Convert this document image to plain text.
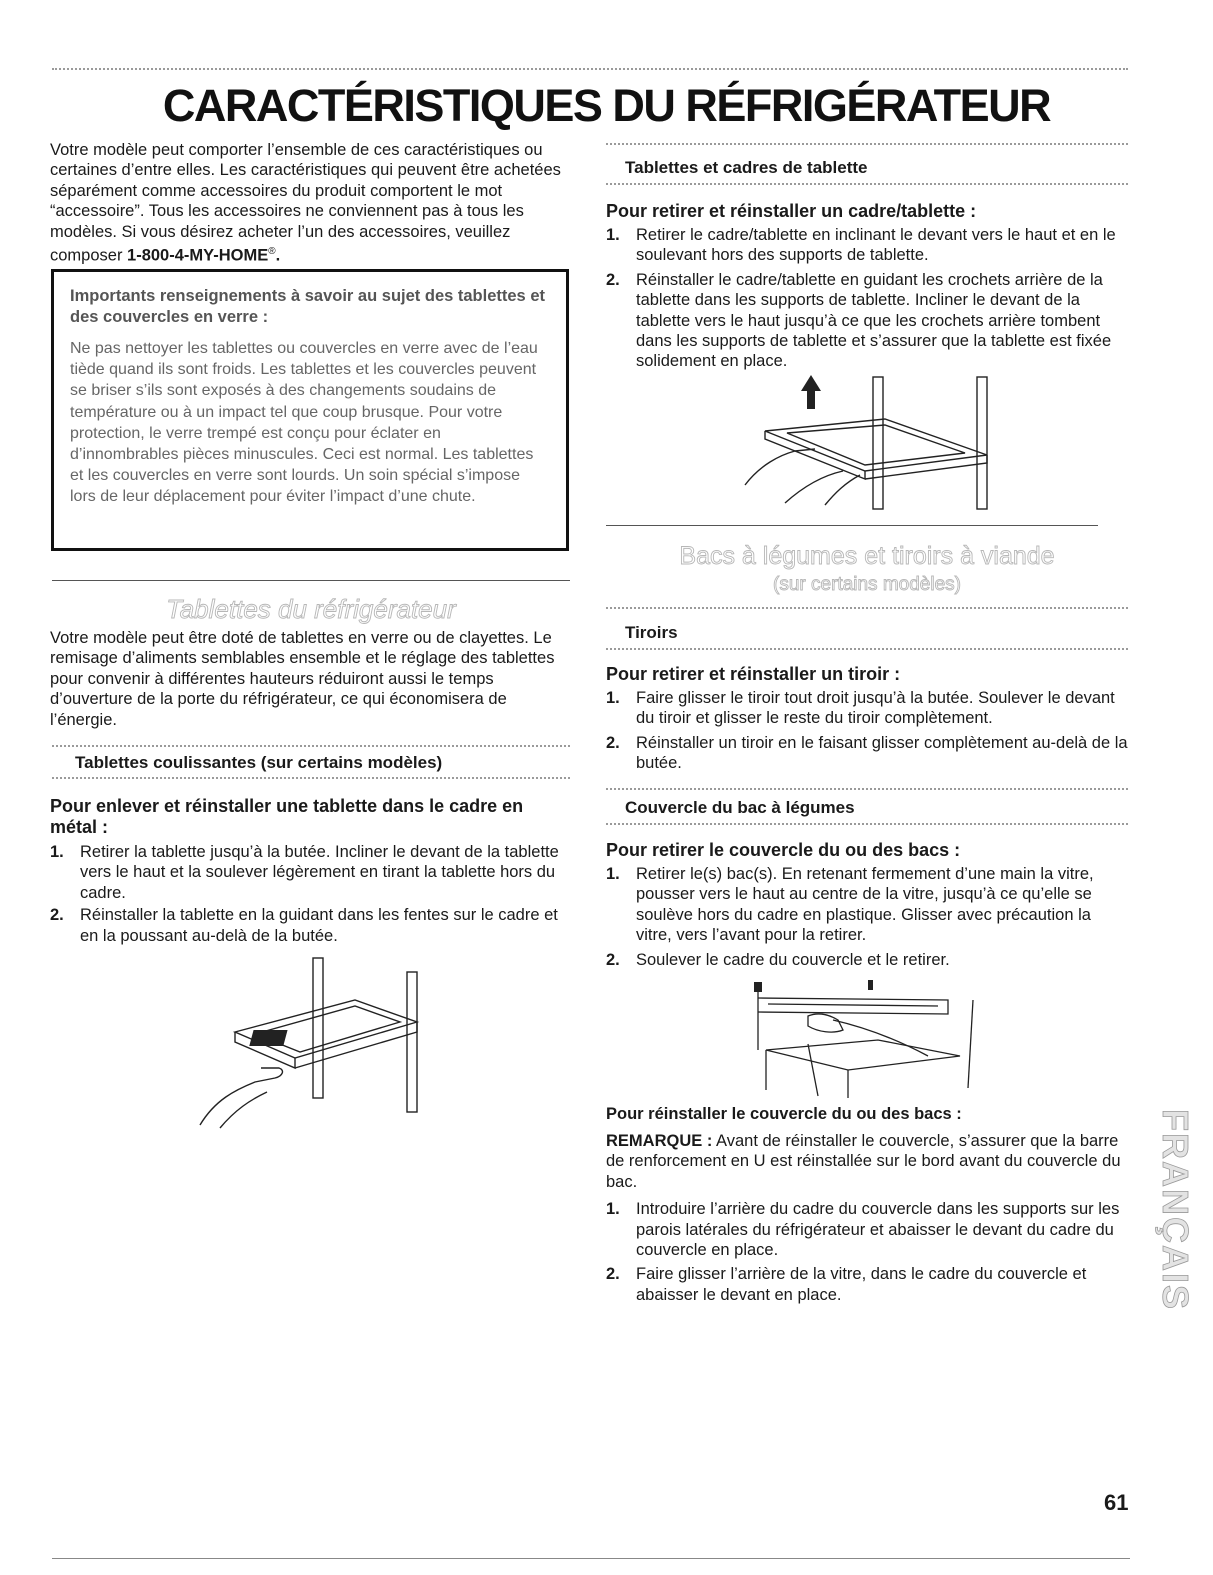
CARACTÉRISTIQUES DU RÉFRIGÉRATEUR

Votre modèle peut comporter l’ensemble de ces caractéristiques ou certaines d’entre elles. Les caractéristiques qui peuvent être achetées séparément comme accessoires du produit comportent le mot “accessoire”. Tous les accessoires ne conviennent pas à tous les modèles. Si vous désirez acheter l’un des accessoires, veuillez composer 1-800-4-MY-HOME®.

Importants renseignements à savoir au sujet des tablettes et des couvercles en verre :

Ne pas nettoyer les tablettes ou couvercles en verre avec de l’eau tiède quand ils sont froids. Les tablettes et les couvercles peuvent se briser s’ils sont exposés à des changements soudains de température ou à un impact tel que coup brusque. Pour votre protection, le verre trempé est conçu pour éclater en d’innombrables pièces minuscules. Ceci est normal. Les tablettes et les couvercles en verre sont lourds. Un soin spécial s’impose lors de leur déplacement pour éviter l’impact d’une chute.

Tablettes du réfrigérateur

Votre modèle peut être doté de tablettes en verre ou de clayettes. Le remisage d’aliments semblables ensemble et le réglage des tablettes pour convenir à différentes hauteurs réduiront aussi le temps d’ouverture de la porte du réfrigérateur, ce qui économisera de l’énergie.

Tablettes coulissantes (sur certains modèles)

Pour enlever et réinstaller une tablette dans le cadre en métal :

1. Retirer la tablette jusqu’à la butée. Incliner le devant de la tablette vers le haut et la soulever légèrement en tirant la tablette hors du cadre.
2. Réinstaller la tablette en la guidant dans les fentes sur le cadre et en la poussant au-delà de la butée.

Tablettes et cadres de tablette

Pour retirer et réinstaller un cadre/tablette :

1. Retirer le cadre/tablette en inclinant le devant vers le haut et en le soulevant hors des supports de tablette.
2. Réinstaller le cadre/tablette en guidant les crochets arrière de la tablette dans les supports de tablette. Incliner le devant de la tablette vers le haut jusqu’à ce que les crochets arrière tombent dans les supports de tablette et s’assurer que la tablette est fixée solidement en place.
Bacs à légumes et tiroirs à viande
(sur certains modèles)

Tiroirs

Pour retirer et réinstaller un tiroir :

1. Faire glisser le tiroir tout droit jusqu’à la butée. Soulever le devant du tiroir et glisser le reste du tiroir complètement.
2. Réinstaller un tiroir en le faisant glisser complètement au-delà de la butée.

Couvercle du bac à légumes

Pour retirer le couvercle du ou des bacs :

1. Retirer le(s) bac(s). En retenant fermement d’une main la vitre, pousser vers le haut au centre de la vitre, jusqu’à ce qu’elle se soulève hors du cadre en plastique. Glisser avec précaution la vitre, vers l’avant pour la retirer.
2. Soulever le cadre du couvercle et le retirer.

Pour réinstaller le couvercle du ou des bacs :

REMARQUE : Avant de réinstaller le couvercle, s’assurer que la barre de renforcement en U est réinstallée sur le bord avant du couvercle du bac.

1. Introduire l’arrière du cadre du couvercle dans les supports sur les parois latérales du réfrigérateur et abaisser le devant du cadre du couvercle en place.
2. Faire glisser l’arrière de la vitre, dans le cadre du couvercle et abaisser le devant en place.	FRANÇAIS
61
